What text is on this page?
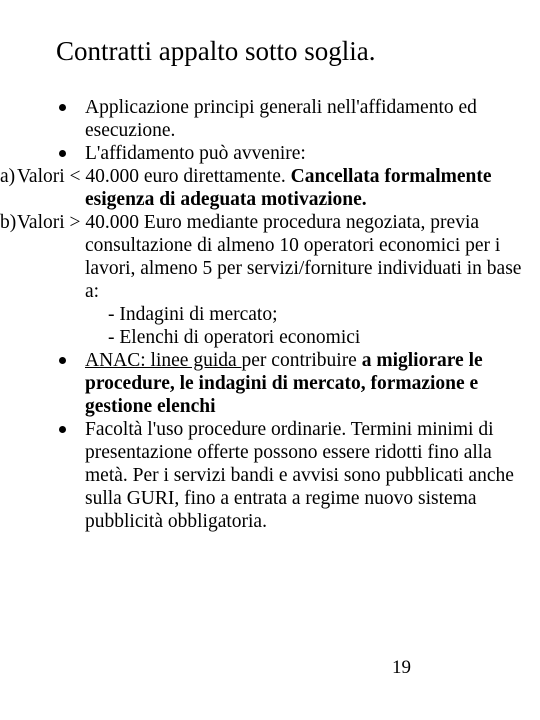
Contratti appalto sotto soglia.
Applicazione principi generali nell'affidamento ed esecuzione.
L'affidamento può avvenire:
a)Valori < 40.000 euro direttamente. Cancellata formalmente esigenza di adeguata motivazione.
b)Valori > 40.000 Euro mediante procedura negoziata, previa consultazione di almeno 10 operatori economici per i lavori, almeno 5 per servizi/forniture individuati in base a:
- Indagini di mercato;
- Elenchi di operatori economici
ANAC: linee guida per contribuire a migliorare le procedure, le indagini di mercato, formazione e gestione elenchi
Facoltà l'uso procedure ordinarie. Termini minimi di presentazione offerte possono essere ridotti fino alla metà. Per i servizi bandi e avvisi sono pubblicati anche sulla GURI, fino a entrata a regime nuovo sistema pubblicità obbligatoria.
19
